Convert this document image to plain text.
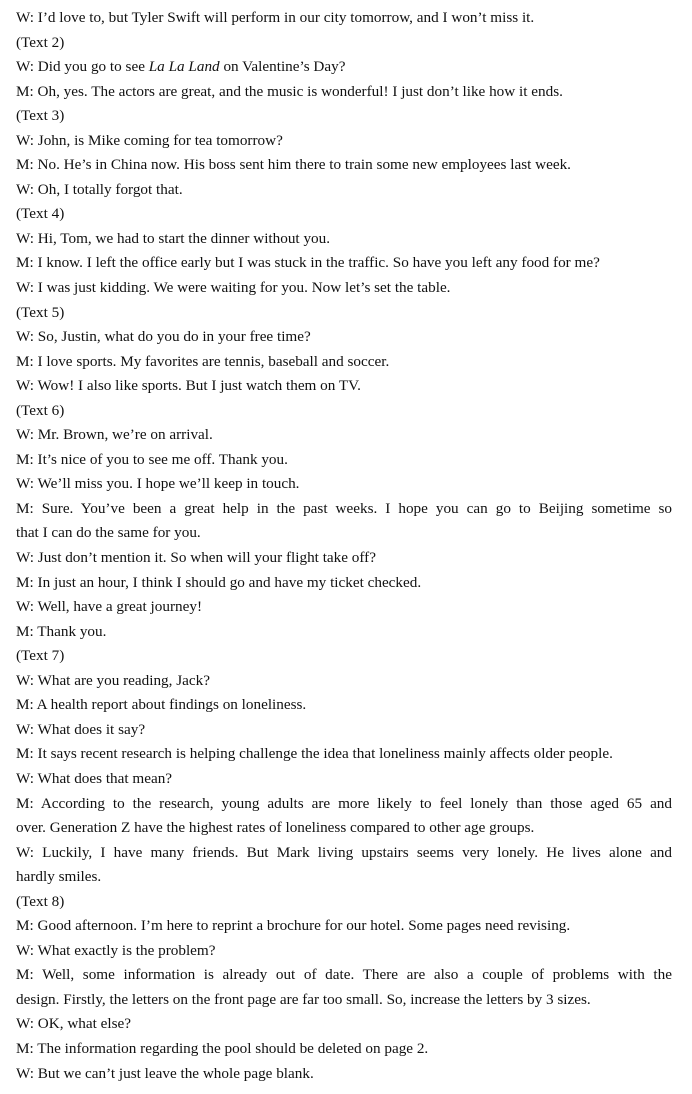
W: I’d love to, but Tyler Swift will perform in our city tomorrow, and I won’t miss it.
(Text 2)
W: Did you go to see La La Land on Valentine’s Day?
M: Oh, yes. The actors are great, and the music is wonderful! I just don’t like how it ends.
(Text 3)
W: John, is Mike coming for tea tomorrow?
M: No. He’s in China now. His boss sent him there to train some new employees last week.
W: Oh, I totally forgot that.
(Text 4)
W: Hi, Tom, we had to start the dinner without you.
M: I know. I left the office early but I was stuck in the traffic. So have you left any food for me?
W: I was just kidding. We were waiting for you. Now let’s set the table.
(Text 5)
W: So, Justin, what do you do in your free time?
M: I love sports. My favorites are tennis, baseball and soccer.
W: Wow! I also like sports. But I just watch them on TV.
(Text 6)
W: Mr. Brown, we’re on arrival.
M: It’s nice of you to see me off. Thank you.
W: We’ll miss you. I hope we’ll keep in touch.
M: Sure. You’ve been a great help in the past weeks. I hope you can go to Beijing sometime so
that I can do the same for you.
W: Just don’t mention it. So when will your flight take off?
M: In just an hour, I think I should go and have my ticket checked.
W: Well, have a great journey!
M: Thank you.
(Text 7)
W: What are you reading, Jack?
M: A health report about findings on loneliness.
W: What does it say?
M: It says recent research is helping challenge the idea that loneliness mainly affects older people.
W: What does that mean?
M: According to the research, young adults are more likely to feel lonely than those aged 65 and
over. Generation Z have the highest rates of loneliness compared to other age groups.
W: Luckily, I have many friends. But Mark living upstairs seems very lonely. He lives alone and
hardly smiles.
(Text 8)
M: Good afternoon. I’m here to reprint a brochure for our hotel. Some pages need revising.
W: What exactly is the problem?
M: Well, some information is already out of date. There are also a couple of problems with the
design. Firstly, the letters on the front page are far too small. So, increase the letters by 3 sizes.
W: OK, what else?
M: The information regarding the pool should be deleted on page 2.
W: But we can’t just leave the whole page blank.
